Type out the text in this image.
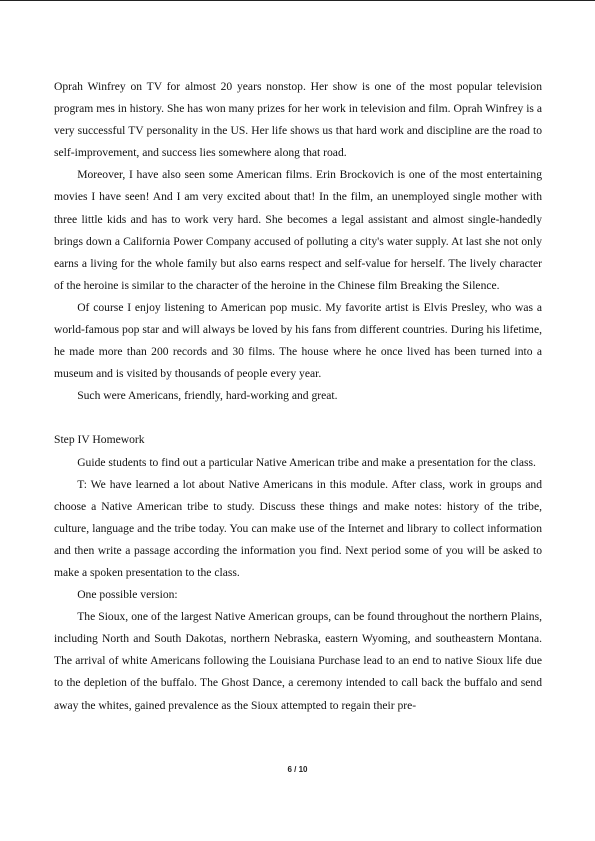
Oprah Winfrey on TV for almost 20 years nonstop. Her show is one of the most popular television program mes in history. She has won many prizes for her work in television and film. Oprah Winfrey is a very successful TV personality in the US. Her life shows us that hard work and discipline are the road to self-improvement, and success lies somewhere along that road.

Moreover, I have also seen some American films. Erin Brockovich is one of the most entertaining movies I have seen! And I am very excited about that! In the film, an unemployed single mother with three little kids and has to work very hard. She becomes a legal assistant and almost single-handedly brings down a California Power Company accused of polluting a city's water supply. At last she not only earns a living for the whole family but also earns respect and self-value for herself. The lively character of the heroine is similar to the character of the heroine in the Chinese film Breaking the Silence.

Of course I enjoy listening to American pop music. My favorite artist is Elvis Presley, who was a world-famous pop star and will always be loved by his fans from different countries. During his lifetime, he made more than 200 records and 30 films. The house where he once lived has been turned into a museum and is visited by thousands of people every year.

Such were Americans, friendly, hard-working and great.

Step IV Homework

Guide students to find out a particular Native American tribe and make a presentation for the class.

T: We have learned a lot about Native Americans in this module. After class, work in groups and choose a Native American tribe to study. Discuss these things and make notes: history of the tribe, culture, language and the tribe today. You can make use of the Internet and library to collect information and then write a passage according the information you find. Next period some of you will be asked to make a spoken presentation to the class.

One possible version:

The Sioux, one of the largest Native American groups, can be found throughout the northern Plains, including North and South Dakotas, northern Nebraska, eastern Wyoming, and southeastern Montana. The arrival of white Americans following the Louisiana Purchase lead to an end to native Sioux life due to the depletion of the buffalo. The Ghost Dance, a ceremony intended to call back the buffalo and send away the whites, gained prevalence as the Sioux attempted to regain their pre-

6 / 10
